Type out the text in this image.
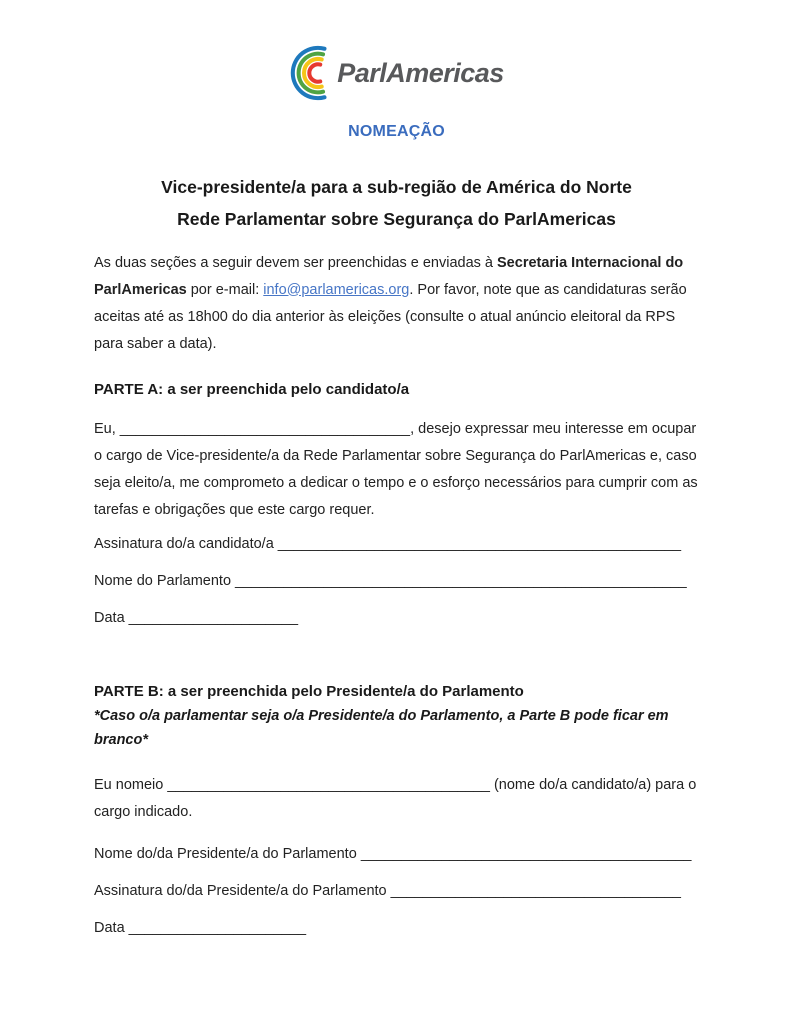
ParlAmericas
NOMEAÇÃO
Vice-presidente/a para a sub-região de América do Norte
Rede Parlamentar sobre Segurança do ParlAmericas

As duas seções a seguir devem ser preenchidas e enviadas à Secretaria Internacional do ParlAmericas por e-mail: info@parlamericas.org. Por favor, note que as candidaturas serão aceitas até as 18h00 do dia anterior às eleições (consulte o atual anúncio eleitoral da RPS para saber a data).

PARTE A: a ser preenchida pelo candidato/a

Eu, ____________________________________, desejo expressar meu interesse em ocupar o cargo de Vice-presidente/a da Rede Parlamentar sobre Segurança do ParlAmericas e, caso seja eleito/a, me comprometo a dedicar o tempo e o esforço necessários para cumprir com as tarefas e obrigações que este cargo requer.

Assinatura do/a candidato/a __________________________________________________
Nome do Parlamento ________________________________________________________
Data _____________________
PARTE B: a ser preenchida pelo Presidente/a do Parlamento
*Caso o/a parlamentar seja o/a Presidente/a do Parlamento, a Parte B pode ficar em branco*

Eu nomeio ________________________________________ (nome do/a candidato/a) para o cargo indicado.

Nome do/da Presidente/a do Parlamento _________________________________________
Assinatura do/da Presidente/a do Parlamento ____________________________________
Data ______________________
